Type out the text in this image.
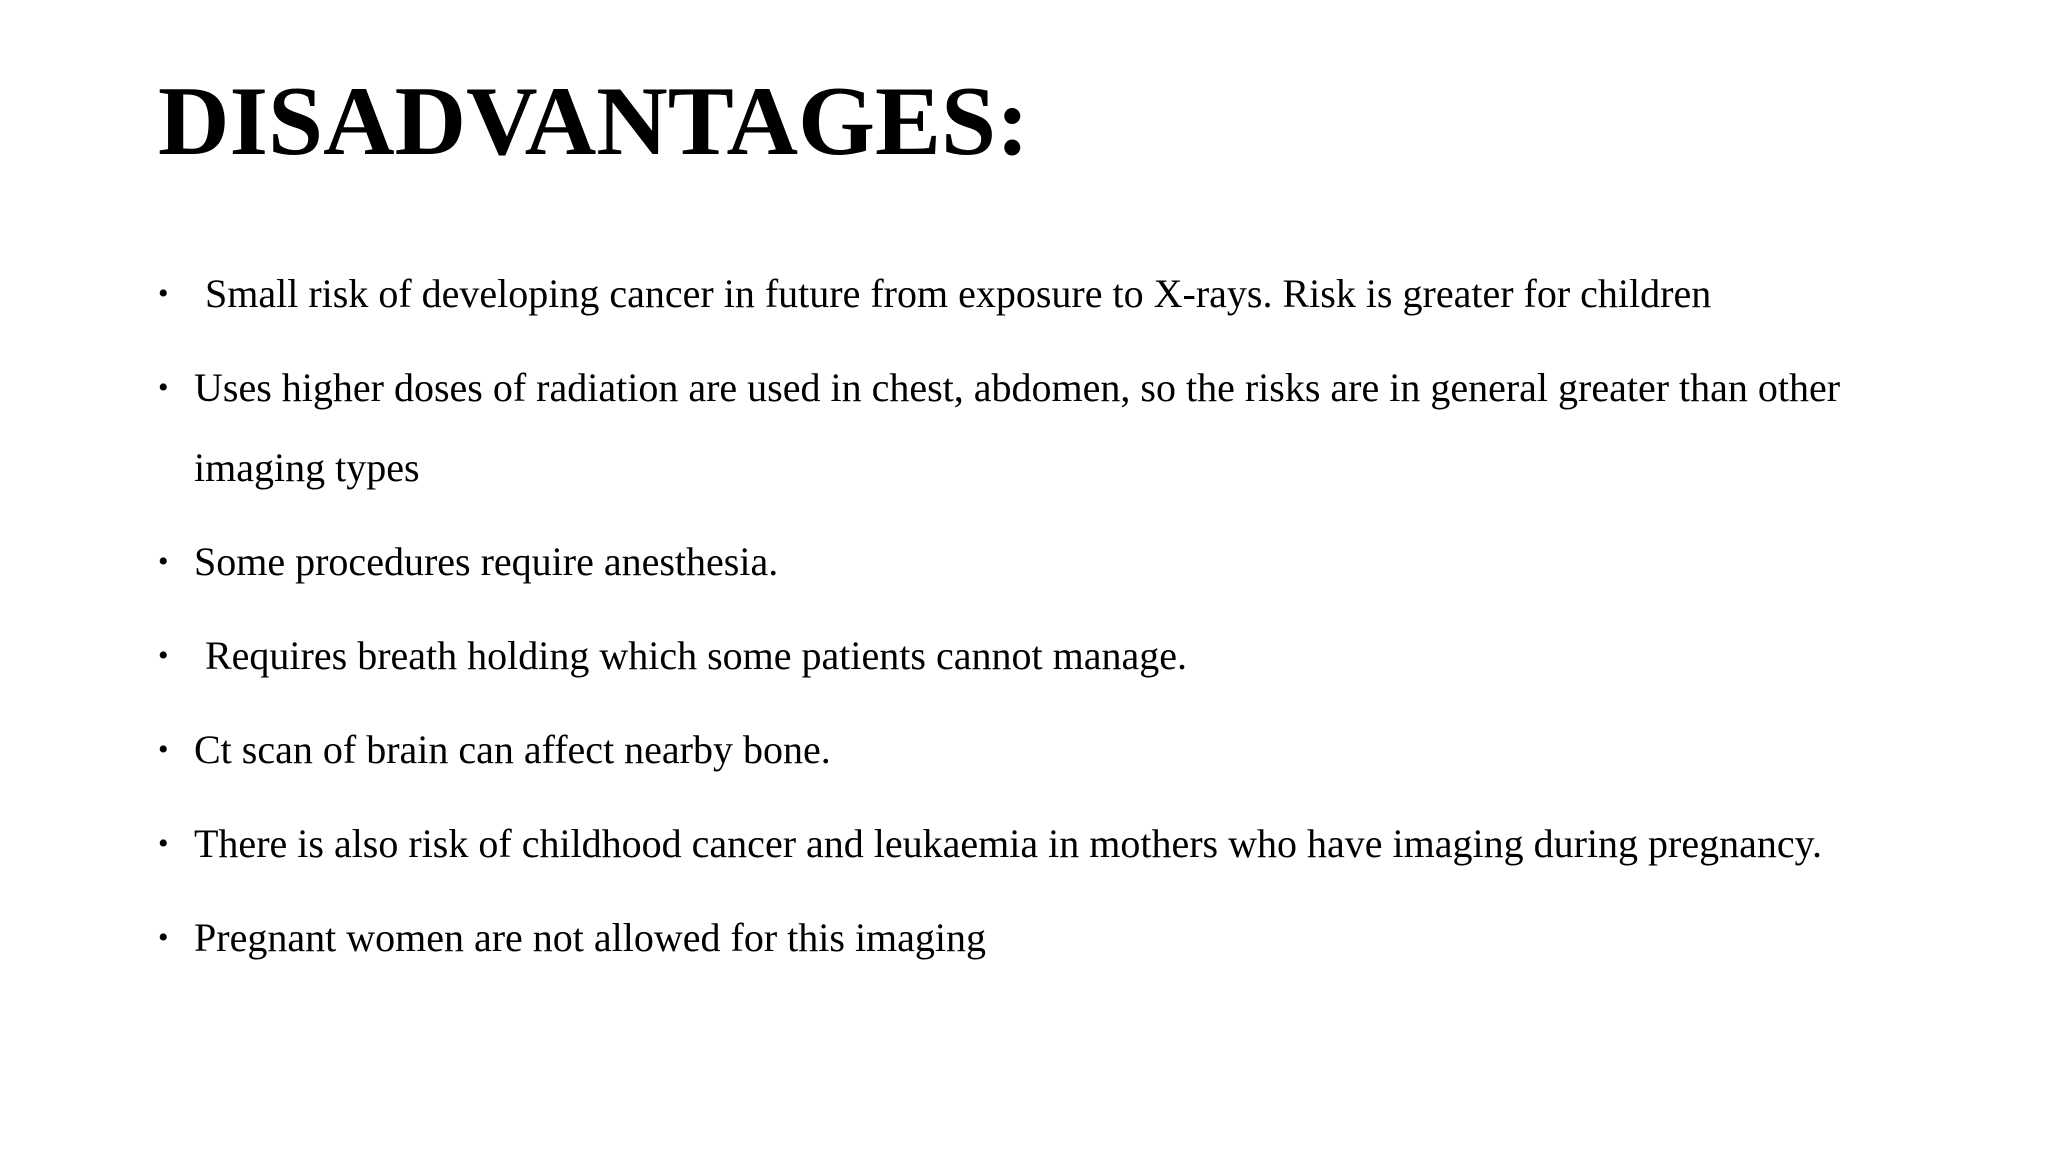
DISADVANTAGES:
• Small risk of developing cancer in future from exposure to X-rays. Risk is greater for children
• Uses higher doses of radiation are used in chest, abdomen, so the risks are in general greater than other imaging types
• Some procedures require anesthesia.
• Requires breath holding which some patients cannot manage.
• Ct scan of brain can affect nearby bone.
• There is also risk of childhood cancer and leukaemia in mothers who have imaging during pregnancy.
• Pregnant women are not allowed for this imaging
